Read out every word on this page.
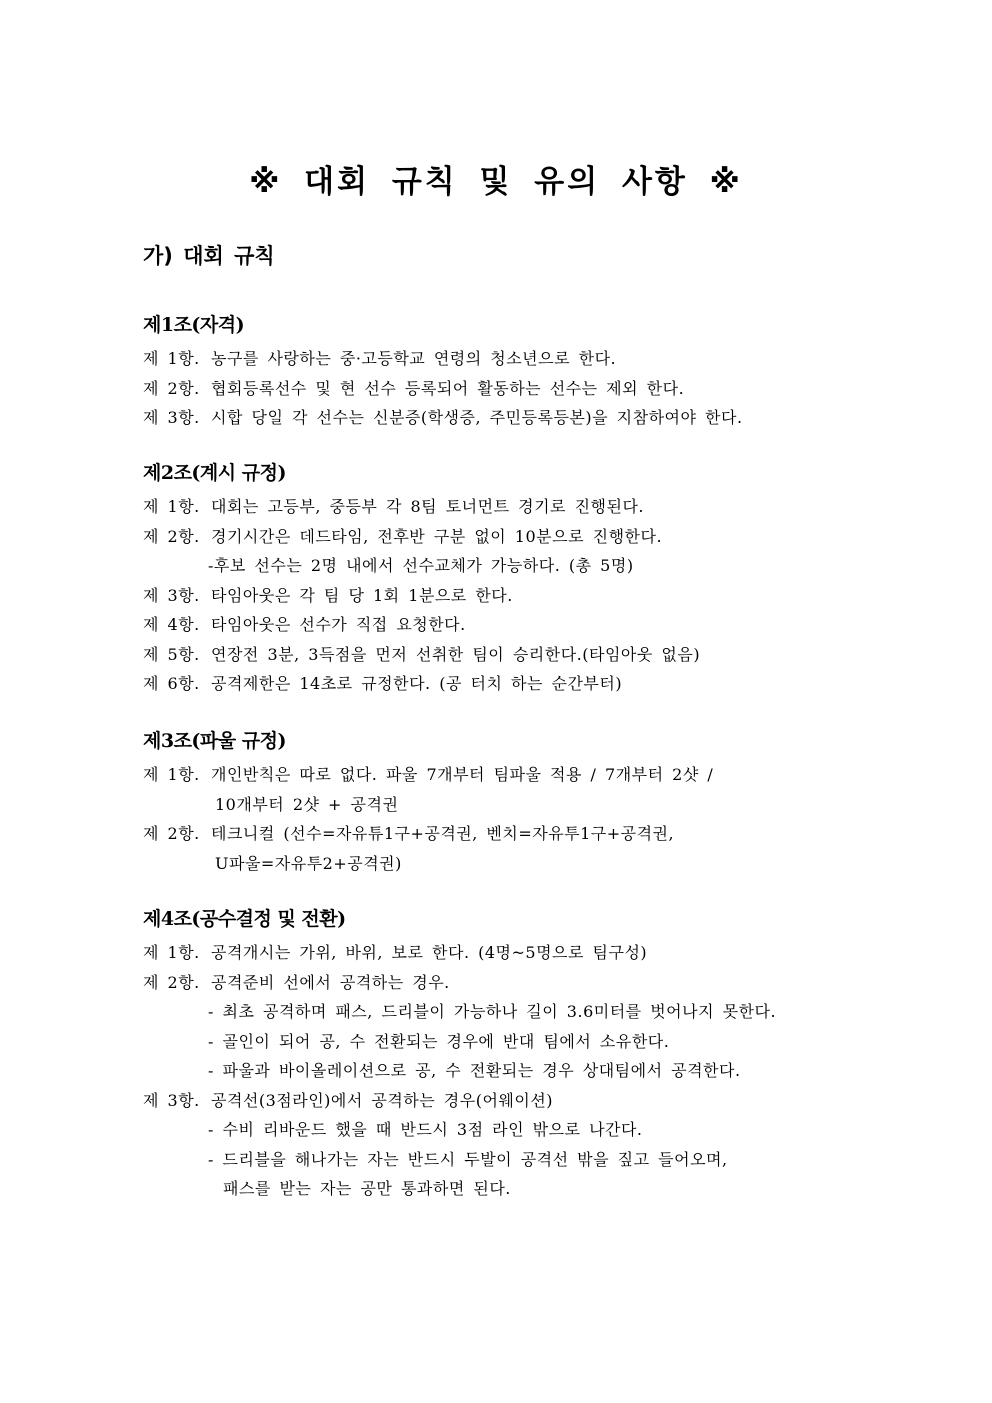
※ 대회 규칙 및 유의 사항 ※
가) 대회 규칙
제1조(자격)
제 1항. 농구를 사랑하는 중·고등학교 연령의 청소년으로 한다.
제 2항. 협회등록선수 및 현 선수 등록되어 활동하는 선수는 제외 한다.
제 3항. 시합 당일 각 선수는 신분증(학생증, 주민등록등본)을 지참하여야 한다.
제2조(계시 규정)
제 1항. 대회는 고등부, 중등부 각 8팀 토너먼트 경기로 진행된다.
제 2항. 경기시간은 데드타임, 전후반 구분 없이 10분으로 진행한다.
-후보 선수는 2명 내에서 선수교체가 가능하다. (총 5명)
제 3항. 타임아웃은 각 팀 당 1회 1분으로 한다.
제 4항. 타임아웃은 선수가 직접 요청한다.
제 5항. 연장전 3분, 3득점을 먼저 선취한 팀이 승리한다.(타임아웃 없음)
제 6항. 공격제한은 14초로 규정한다. (공 터치 하는 순간부터)
제3조(파울 규정)
제 1항. 개인반칙은 따로 없다. 파울 7개부터 팀파울 적용 / 7개부터 2샷 /
10개부터 2샷 + 공격권
제 2항. 테크니컬 (선수=자유튜1구+공격권, 벤치=자유투1구+공격권,
U파울=자유투2+공격권)
제4조(공수결정 및 전환)
제 1항. 공격개시는 가위, 바위, 보로 한다. (4명~5명으로 팀구성)
제 2항. 공격준비 선에서 공격하는 경우.
- 최초 공격하며 패스, 드리블이 가능하나 길이 3.6미터를 벗어나지 못한다.
- 골인이 되어 공, 수 전환되는 경우에 반대 팀에서 소유한다.
- 파울과 바이올레이션으로 공, 수 전환되는 경우 상대팀에서 공격한다.
제 3항. 공격선(3점라인)에서 공격하는 경우(어웨이션)
- 수비 리바운드 했을 때 반드시 3점 라인 밖으로 나간다.
- 드리블을 해나가는 자는 반드시 두발이 공격선 밖을 짚고 들어오며,
패스를 받는 자는 공만 통과하면 된다.
